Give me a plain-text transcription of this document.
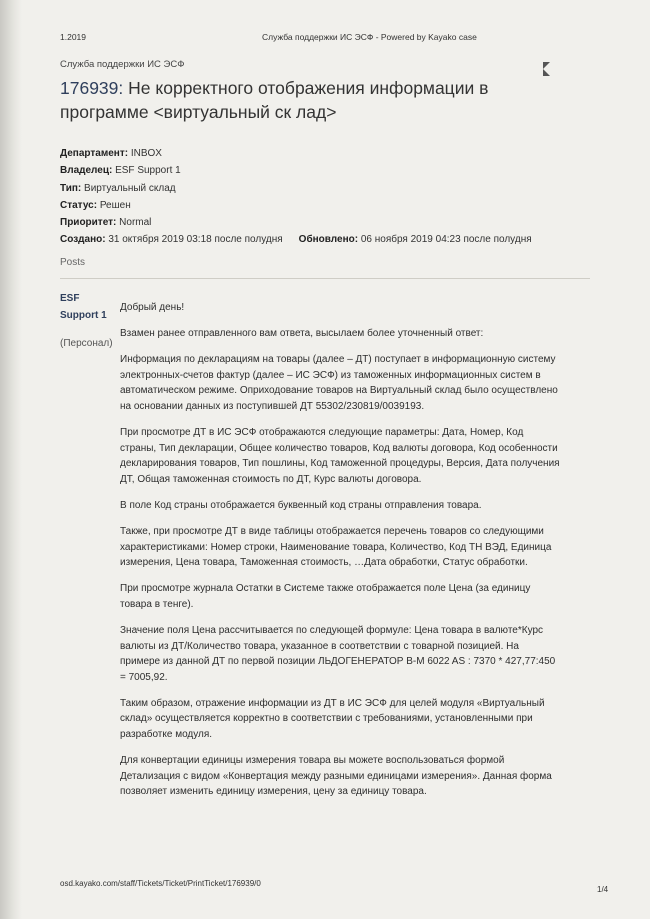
1.2019	Служба поддержки ИС ЭСФ - Powered by Kayako case
Служба поддержки ИС ЭСФ
176939: Не корректного отображения информации в программе <виртуальный ск лад>
Департамент: INBOX
Владелец: ESF Support 1
Тип: Виртуальный склад
Статус: Решен
Приоритет: Normal
Создано: 31 октября 2019 03:18 после полудня Обновлено: 06 ноября 2019 04:23 после полудня
Posts
ESF
Support 1
(Персонал)

Добрый день!

Взамен ранее отправленного вам ответа, высылаем более уточненный ответ:

Информация по декларациям на товары (далее – ДТ) поступает в информационную систему электронных-счетов фактур (далее – ИС ЭСФ) из таможенных информационных систем в автоматическом режиме. Оприходование товаров на Виртуальный склад было осуществлено на основании данных из поступившей ДТ 55302/230819/0039193.

При просмотре ДТ в ИС ЭСФ отображаются следующие параметры: Дата, Номер, Код страны, Тип декларации, Общее количество товаров, Код валюты договора, Код особенности декларирования товаров, Тип пошлины, Код таможенной процедуры, Версия, Дата получения ДТ, Общая таможенная стоимость по ДТ, Курс валюты договора.

В поле Код страны отображается буквенный код страны отправления товара.

Также, при просмотре ДТ в виде таблицы отображается перечень товаров со следующими характеристиками: Номер строки, Наименование товара, Количество, Код ТН ВЭД, Единица измерения, Цена товара, Таможенная стоимость, …Дата обработки, Статус обработки.

При просмотре журнала Остатки в Системе также отображается поле Цена (за единицу товара в тенге).

Значение поля Цена рассчитывается по следующей формуле: Цена товара в валюте*Курс валюты из ДТ/Количество товара, указанное в соответствии с товарной позицией. На примере из данной ДТ по первой позиции ЛЬДОГЕНЕРАТОР B-M 6022 AS : 7370 * 427,77:450 = 7005,92.

Таким образом, отражение информации из ДТ в ИС ЭСФ для целей модуля «Виртуальный склад» осуществляется корректно в соответствии с требованиями, установленными при разработке модуля.

Для конвертации единицы измерения товара вы можете воспользоваться формой Детализация с видом «Конвертация между разными единицами измерения». Данная форма позволяет изменить единицу измерения, цену за единицу товара.

osd.kayako.com/staff/Tickets/Ticket/PrintTicket/176939/0
1/4
